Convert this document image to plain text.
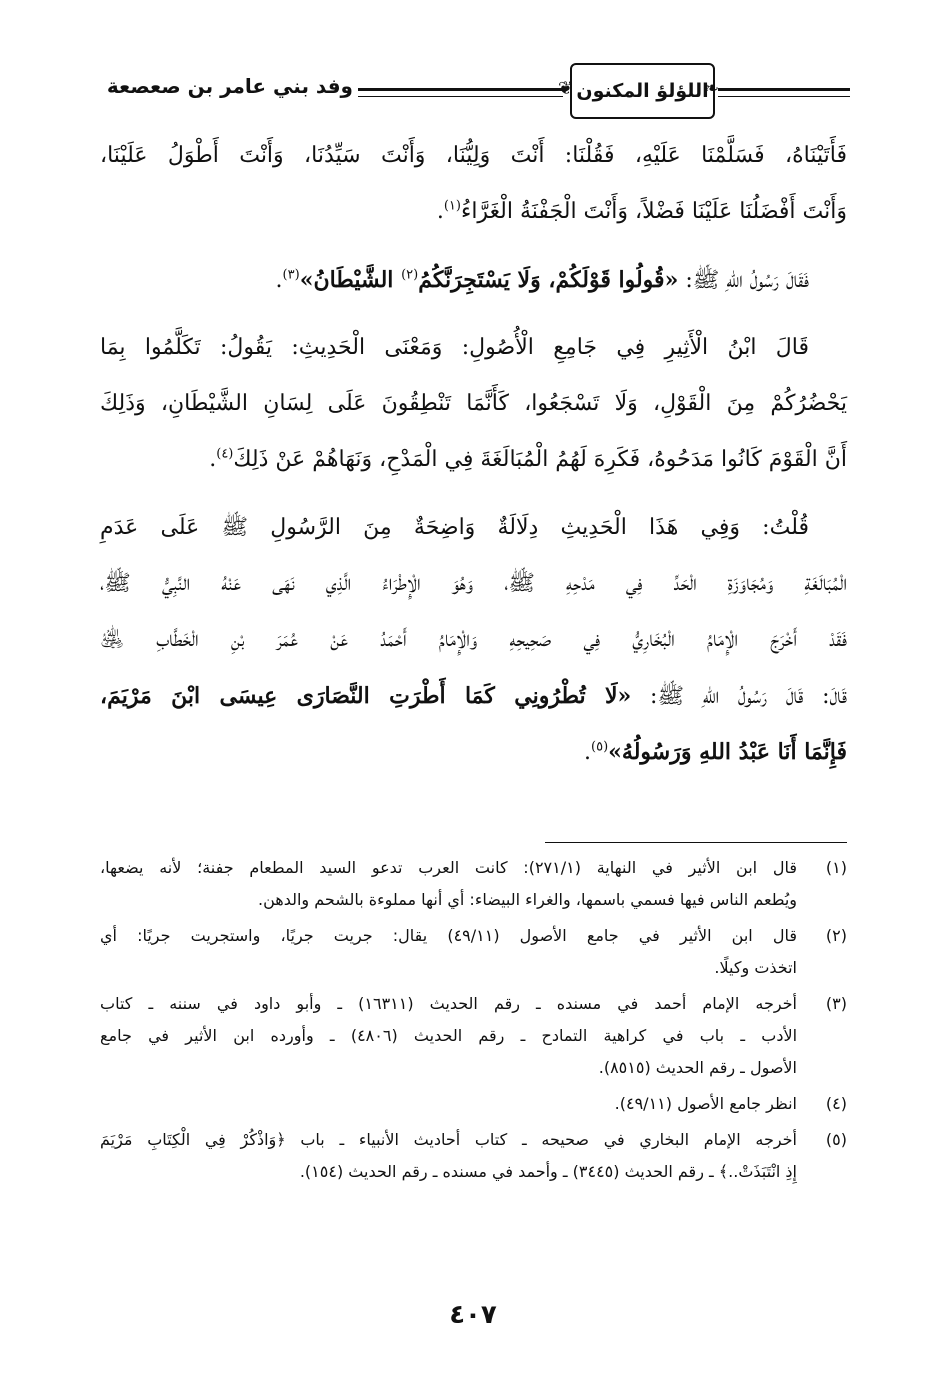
❧
اللؤلؤ المكنون
❦
وفد بني عامر بن صعصعة
فَأَتَيْنَاهُ، فَسَلَّمْنَا عَلَيْهِ، فَقُلْنَا: أَنْتَ وَلِيُّنَا، وَأَنْتَ سَيِّدُنَا، وَأَنْتَ أَطْوَلُ عَلَيْنَا،
وَأَنْتَ أَفْضَلُنَا عَلَيْنَا فَضْلاً، وَأَنْتَ الْجَفْنَةُ الْغَرَّاءُ$^{(١)}$.
فَقَالَ رَسُولُ اللهِ ﷺ: «قُولُوا قَوْلَكُمْ، وَلَا يَسْتَجِرَنَّكُمُ$^{(٢)}$ الشَّيْطَانُ»$^{(٣)}$.
قَالَ ابْنُ الْأَثِيرِ فِي جَامِعِ الْأُصُولِ: وَمَعْنَى الْحَدِيثِ: يَقُولُ: تَكَلَّمُوا بِمَا
يَحْضُرُكُمْ مِنَ الْقَوْلِ، وَلَا تَسْجَعُوا، كَأَنَّمَا تَنْطِقُونَ عَلَى لِسَانِ الشَّيْطَانِ، وَذَلِكَ
أَنَّ الْقَوْمَ كَانُوا مَدَحُوهُ، فَكَرِهَ لَهُمُ الْمُبَالَغَةَ فِي الْمَدْحِ، وَنَهَاهُمْ عَنْ ذَلِكَ$^{(٤)}$.
قُلْتُ: وَفِي هَذَا الْحَدِيثِ دِلَالَةٌ وَاضِحَةٌ مِنَ الرَّسُولِ ﷺ عَلَى عَدَمِ
الْمُبَالَغَةِ وَمُجَاوَزَةِ الْحَدِّ فِي مَدْحِهِ ﷺ، وَهُوَ الْإِطْرَاءُ الَّذِي نَهَى عَنْهُ النَّبِيُّ ﷺ،
فَقَدْ أَخْرَجَ الْإِمَامُ الْبُخَارِيُّ فِي صَحِيحِهِ وَالْإِمَامُ أَحْمَدُ عَنْ عُمَرَ بْنِ الْخَطَّابِ ﵁
قَالَ: قَالَ رَسُولُ اللهِ ﷺ: «لَا تُطْرُونِي كَمَا أَطْرَتِ النَّصَارَى عِيسَى ابْنَ مَرْيَمَ،
فَإِنَّمَا أَنَا عَبْدُ اللهِ وَرَسُولُهُ»$^{(٥)}$.
(١)
قال ابن الأثير في النهاية (٢٧١/١): كانت العرب تدعو السيد المطعام جفنة؛ لأنه يضعها،
ويُطعم الناس فيها فسمي باسمها، والغراء البيضاء: أي أنها مملوءة بالشحم والدهن.
(٢)
قال ابن الأثير في جامع الأصول (٤٩/١١) يقال: جريت جريًا، واستجريت جريًا: أي
اتخذت وكيلًا.
(٣)
أخرجه الإمام أحمد في مسنده ـ رقم الحديث (١٦٣١١) ـ وأبو داود في سننه ـ كتاب
الأدب ـ باب في كراهية التمادح ـ رقم الحديث (٤٨٠٦) ـ وأورده ابن الأثير في جامع
الأصول ـ رقم الحديث (٨٥١٥).
(٤)
انظر جامع الأصول (٤٩/١١).
(٥)
أخرجه الإمام البخاري في صحيحه ـ كتاب أحاديث الأنبياء ـ باب ﴿وَاذْكُرْ فِي الْكِتَابِ مَرْيَمَ
إِذِ انْتَبَذَتْ..﴾ ـ رقم الحديث (٣٤٤٥) ـ وأحمد في مسنده ـ رقم الحديث (١٥٤).
٤٠٧
